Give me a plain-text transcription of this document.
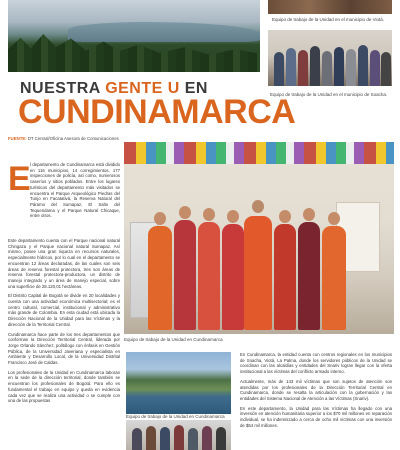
Equipo de trabajo de la Unidad en el municipio de Viotá.
Equipo de trabajo de la Unidad en el municipio de Soacha.
NUESTRA GENTE U EN
CUNDINAMARCA
FUENTE: DT Central/Oficina Asesora de Comunicaciones
E l departamento de Cundinamarca está dividido en 116 municipios, 14 corregimientos, 177 inspecciones de policía, así como, numerosos caseríos y sitios poblados. Entre los lugares turísticos del departamento más visitados se encuentra el Parque Arqueológico Piedras del Tunjo en Facatativá, la Reserva Natural del Páramo del Sumapaz, El Salto del Tequendama y el Parque Natural Chicaque, entre otros.

Este departamento cuenta con el Parque nacional natural Chingaza y el Parque nacional natural Sumapaz. Así mismo, posee una gran riqueza en recursos naturales, especialmente hídricos, por lo cual en el departamento se encuentran 12 áreas declaradas, de las cuales son seis áreas de reserva forestal protectora, tres son áreas de reserva forestal protectora-productora, un distrito de manejo integrado y un área de manejo especial, sobre una superficie de 28.120,01 hectáreas.

El Distrito Capital de Bogotá se divide en 20 localidades y cuenta con una actividad económica multisectorial; es el centro cultural, comercial, institucional y administrativo más grande de Colombia. En esta ciudad está ubicada la Dirección Nacional de la Unidad para las Víctimas y la dirección de la Territorial Central.

Cundinamarca hace parte de los tres departamentos que conforman la Dirección Territorial Central, liderada por Jorge Orlando Sánchez, politólogo con énfasis en Gestión Pública, de la Universidad Javeriana y especialista en Ambiente y Desarrollo Local, de la Universidad Distrital Francisco José de Caldas.

Los profesionales de la Unidad en Cundinamarca laboran en la sede de la dirección territorial, donde también se encuentran los profesionales de Bogotá. Para ello es fundamental el trabajo en equipo y queda en evidencia cada vez que se realiza una actividad o se cumple con una de las propuestas

Equipo de trabajo de la Unidad en Cundinamarca
Equipo de trabajo de la Unidad en Cundinamarca

En Cundinamarca, la entidad cuenta con centros regionales en los municipios de Soacha, Viotá, La Palma, donde los servidores públicos de la Unidad se coordinan con las alcaldías y entidades del Snariv logran llegar con la oferta institucional a las víctimas del conflicto armado interno.

Actualmente, más de 143 mil víctimas que son sujetos de atención son atendidas por los profesionales de la Dirección Territorial Central en Cundinamarca, donde se resalta la articulación con la gobernación y las entidades del Sistema Nacional de Atención a las Víctimas (Snariv).

En este departamento, la Unidad para las Víctimas ha llegado con una inversión en atención humanitaria superior a los $70 mil millones en reparación individual, se ha indemnizado a cerca de ocho mil víctimas con una inversión de $54 mil millones.
